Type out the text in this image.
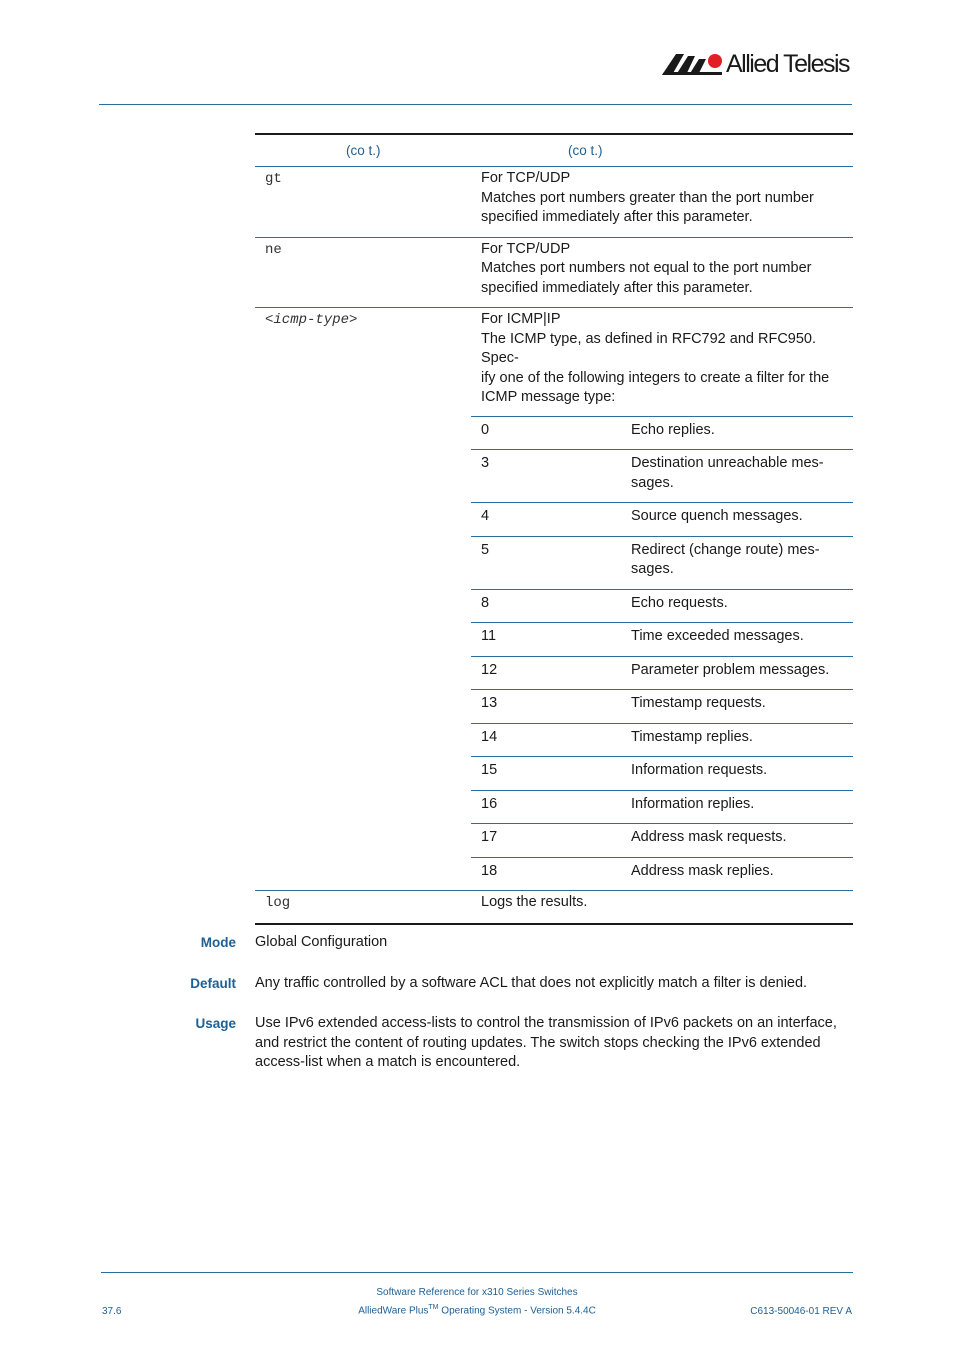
Allied Telesis
(co t.)	(co t.)
gt	For TCP/UDP
Matches port numbers greater than the port number
specified immediately after this parameter.

ne	For TCP/UDP
Matches port numbers not equal to the port number
specified immediately after this parameter.

<icmp-type>	For ICMP|IP
The ICMP type, as defined in RFC792 and RFC950. Spec-
ify one of the following integers to create a filter for the
ICMP message type:
0	Echo replies.

3	Destination unreachable mes-
sages.

4	Source quench messages.

5	Redirect (change route) mes-
sages.

8	Echo requests.

11	Time exceeded messages.

12	Parameter problem messages.

13	Timestamp requests.

14	Timestamp replies.

15	Information requests.

16	Information replies.

17	Address mask requests.

18	Address mask replies.

log	Logs the results.
Mode Global Configuration
Default Any traffic controlled by a software ACL that does not explicitly match a filter is denied.
Usage Use IPv6 extended access-lists to control the transmission of IPv6 packets on an interface,
and restrict the content of routing updates. The switch stops checking the IPv6 extended
access-list when a match is encountered.
Software Reference for x310 Series Switches
AlliedWare Plus™ Operating System - Version 5.4.4C
37.6	C613-50046-01 REV A
